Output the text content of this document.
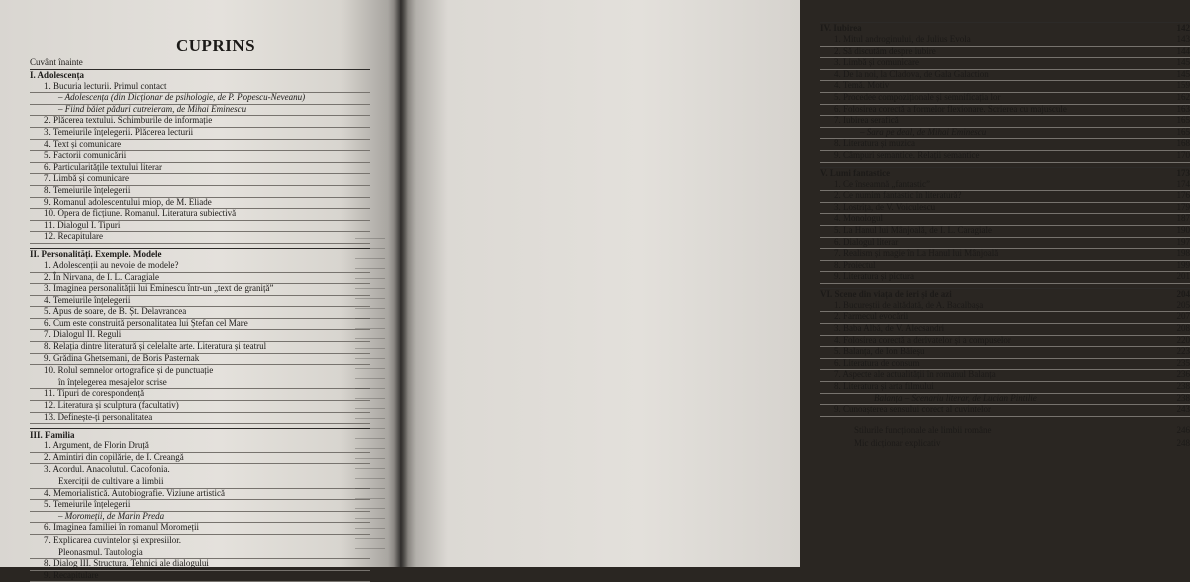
CUPRINS
Cuvânt înainte
I. Adolescența
1. Bucuria lecturii. Primul contact
– Adolescența (din Dicționar de psihologie, de P. Popescu-Neveanu)
– Fiind băiet păduri cutreieram, de Mihai Eminescu
2. Plăcerea textului. Schimburile de informație
3. Temeiurile înțelegerii. Plăcerea lecturii
4. Text și comunicare
5. Factorii comunicării
6. Particularitățile textului literar
7. Limbă și comunicare
8. Temeiurile înțelegerii
9. Romanul adolescentului miop, de M. Eliade
10. Opera de ficțiune. Romanul. Literatura subiectivă
11. Dialogul I. Tipuri
12. Recapitulare
II. Personalități. Exemple. Modele
1. Adolescenții au nevoie de modele?
2. În Nirvana, de I. L. Caragiale
3. Imaginea personalității lui Eminescu într-un „text de graniță”
4. Temeiurile înțelegerii
5. Apus de soare, de B. Șt. Delavrancea
6. Cum este construită personalitatea lui Ștefan cel Mare
7. Dialogul II. Reguli
8. Relația dintre literatură și celelalte arte. Literatura și teatrul
9. Grădina Ghetsemani, de Boris Pasternak
10. Rolul semnelor ortografice și de punctuație
în înțelegerea mesajelor scrise
11. Tipuri de corespondență
12. Literatura și sculptura (facultativ)
13. Definește-ți personalitatea
III. Familia
1. Argument, de Florin Druță
2. Amintiri din copilărie, de I. Creangă
3. Acordul. Anacolutul. Cacofonia.
Exerciții de cultivare a limbii
4. Memorialistică. Autobiografie. Viziune artistică
5. Temeiurile înțelegerii
– Moromeții, de Marin Preda
6. Imaginea familiei în romanul Moromeții
7. Explicarea cuvintelor și expresiilor.
Pleonasmul. Tautologia
8. Dialog III. Structura. Tehnici ale dialogului
9. Recapitulare
IV. Iubirea	142
1. Mitul androginului, de Julius Evola	143
2. Să discutăm despre iubire	144
3. Limbă și comunicare	145
4. De la noi, la Cladova, de Gala Galaction	145
4. Temă. Motiv	159
5. Procedee compoziționale și semnificația lor	162
6. Folosirea corectă a formelor flexionare. Scrierea cu majuscule	163
7. Iubirea serafică	165
– Sara pe deal, de Mihai Eminescu	165
8. Literatura și muzica	168
9. Câmpuri semantice. Relații semantice	170
V. Lumi fantastice	173
1. Ce înseamnă „fantastic”	174
2. Ce numim fantastic în literatură?	176
3. Lostrița, de V. Voiculescu	179
4. Monologul	187
5. La Hanul lui Mânjoală, de I. L. Caragiale	190
6. Dialogul literar	197
7. Realism și magie în La Hanul lui Mânjoală	198
8. Proiectul	199
9. Literatura și pictura	201
VI. Scene din viața de ieri și de azi	204
1. Bucureștii de altădată, de A. Bacalbașa	205
2. Farmecul evocării	207
3. Baba Albă, de V. Alecsandri	208
4. Folosirea corectă a derivatelor și a compuselor	220
5. Balanța, de Ion Băieșu	223
6. Literatura de consum	235
7. Aspecte ale actualității în romanul Balanța	236
8. Literatura și arta filmului	238
Balanța – Scenariu literar, de Lucian Pintilie	238
9. Cunoașterea sensului corect al cuvintelor	243
Stilurile funcționale ale limbii române	246
Mic dicționar explicativ	248
